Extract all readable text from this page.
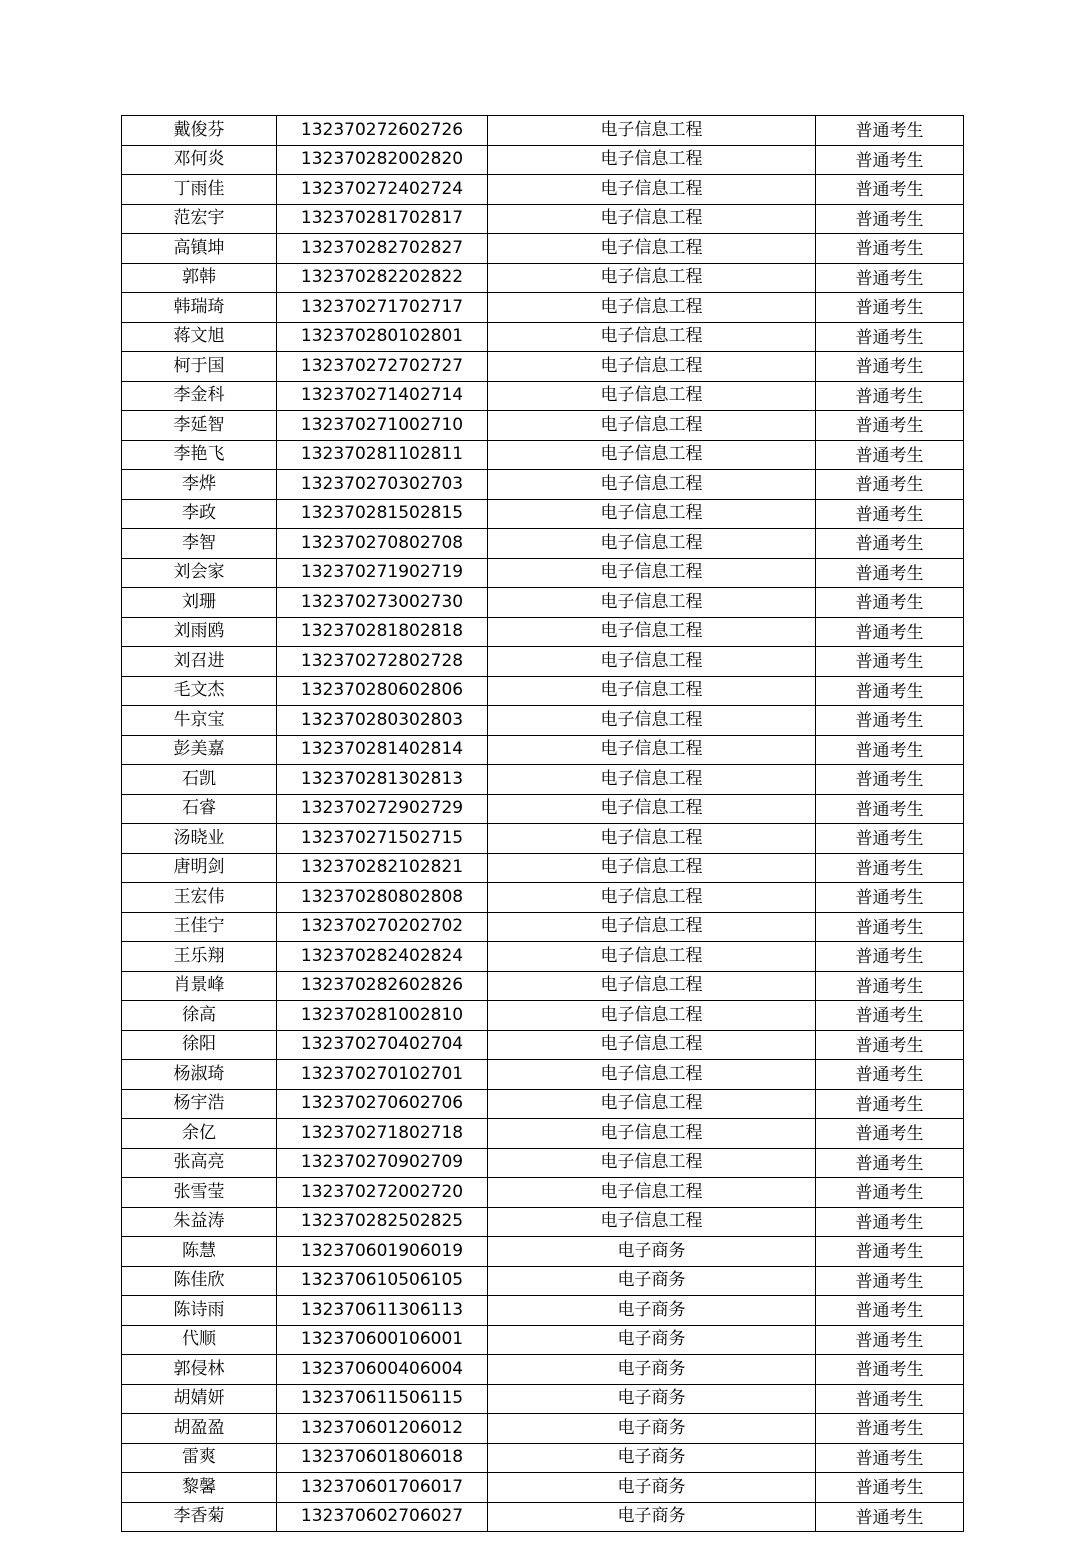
戴俊芬	132370272602726	电子信息工程	普通考生
邓何炎	132370282002820	电子信息工程	普通考生
丁雨佳	132370272402724	电子信息工程	普通考生
范宏宇	132370281702817	电子信息工程	普通考生
高镇坤	132370282702827	电子信息工程	普通考生
郭韩	132370282202822	电子信息工程	普通考生
韩瑞琦	132370271702717	电子信息工程	普通考生
蒋文旭	132370280102801	电子信息工程	普通考生
柯于国	132370272702727	电子信息工程	普通考生
李金科	132370271402714	电子信息工程	普通考生
李延智	132370271002710	电子信息工程	普通考生
李艳飞	132370281102811	电子信息工程	普通考生
李烨	132370270302703	电子信息工程	普通考生
李政	132370281502815	电子信息工程	普通考生
李智	132370270802708	电子信息工程	普通考生
刘会家	132370271902719	电子信息工程	普通考生
刘珊	132370273002730	电子信息工程	普通考生
刘雨鸥	132370281802818	电子信息工程	普通考生
刘召进	132370272802728	电子信息工程	普通考生
毛文杰	132370280602806	电子信息工程	普通考生
牛京宝	132370280302803	电子信息工程	普通考生
彭美嘉	132370281402814	电子信息工程	普通考生
石凯	132370281302813	电子信息工程	普通考生
石睿	132370272902729	电子信息工程	普通考生
汤晓业	132370271502715	电子信息工程	普通考生
唐明剑	132370282102821	电子信息工程	普通考生
王宏伟	132370280802808	电子信息工程	普通考生
王佳宁	132370270202702	电子信息工程	普通考生
王乐翔	132370282402824	电子信息工程	普通考生
肖景峰	132370282602826	电子信息工程	普通考生
徐高	132370281002810	电子信息工程	普通考生
徐阳	132370270402704	电子信息工程	普通考生
杨淑琦	132370270102701	电子信息工程	普通考生
杨宇浩	132370270602706	电子信息工程	普通考生
余亿	132370271802718	电子信息工程	普通考生
张高亮	132370270902709	电子信息工程	普通考生
张雪莹	132370272002720	电子信息工程	普通考生
朱益涛	132370282502825	电子信息工程	普通考生
陈慧	132370601906019	电子商务	普通考生
陈佳欣	132370610506105	电子商务	普通考生
陈诗雨	132370611306113	电子商务	普通考生
代顺	132370600106001	电子商务	普通考生
郭侵林	132370600406004	电子商务	普通考生
胡婧妍	132370611506115	电子商务	普通考生
胡盈盈	132370601206012	电子商务	普通考生
雷爽	132370601806018	电子商务	普通考生
黎馨	132370601706017	电子商务	普通考生
李香菊	132370602706027	电子商务	普通考生
